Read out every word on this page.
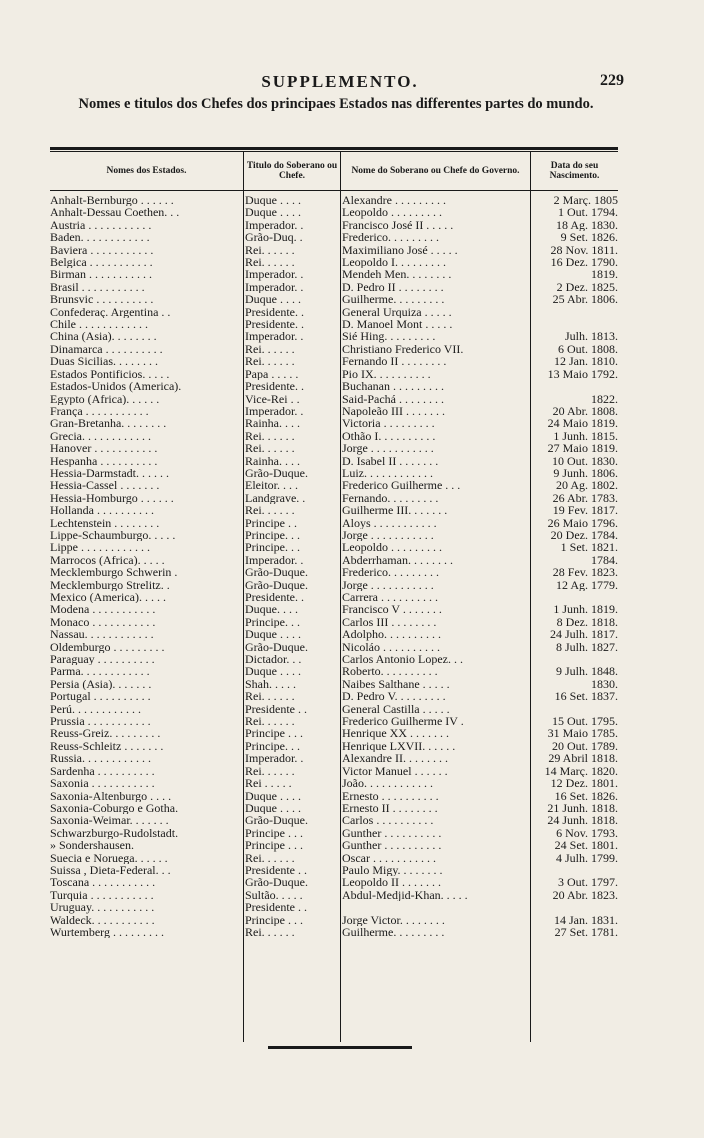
SUPPLEMENTO.	229
Nomes e titulos dos Chefes dos principaes Estados nas differentes partes do mundo.
Nomes dos Estados.
Titulo do Soberano ou Chefe.
Nome do Soberano ou Chefe do Governo.
Data do seu Nascimento.
Anhalt-Bernburgo . . . . . .	Duque . . . .	Alexandre . . . . . . . . .	2 Març. 1805
Anhalt-Dessau Coethen. . .	Duque . . . .	Leopoldo . . . . . . . . .	1 Out. 1794.
Austria . . . . . . . . . . .	Imperador. .	Francisco José II . . . . .	18 Ag. 1830.
Baden. . . . . . . . . . . .	Grão-Duq. .	Frederico. . . . . . . . .	9 Set. 1826.
Baviera . . . . . . . . . . .	Rei. . . . . .	Maximiliano José . . . . .	28 Nov. 1811.
Belgica . . . . . . . . . . .	Rei. . . . . .	Leopoldo I. . . . . . . . .	16 Dez. 1790.
Birman . . . . . . . . . . .	Imperador. .	Mendeh Men. . . . . . . .	1819.
Brasil . . . . . . . . . . .	Imperador. .	D. Pedro II . . . . . . . .	2 Dez. 1825.
Brunsvic . . . . . . . . . .	Duque . . . .	Guilherme. . . . . . . . .	25 Abr. 1806.
Confederaç. Argentina . .	Presidente. .	General Urquiza . . . . .
Chile . . . . . . . . . . . .	Presidente. .	D. Manoel Mont . . . . .
China (Asia). . . . . . . .	Imperador. .	Sié Hing. . . . . . . . .	Julh. 1813.
Dinamarca . . . . . . . . . .	Rei. . . . . .	Christiano Frederico VII.	6 Out. 1808.
Duas Sicilias. . . . . . . .	Rei. . . . . .	Fernando II . . . . . . . .	12 Jan. 1810.
Estados Pontificios. . . . .	Papa . . . . .	Pio IX. . . . . . . . . .	13 Maio 1792.
Estados-Unidos (America).	Presidente. .	Buchanan . . . . . . . . .
Egypto (Africa). . . . . .	Vice-Rei . .	Said-Pachá . . . . . . . .	1822.
França . . . . . . . . . . .	Imperador. .	Napoleão III . . . . . . .	20 Abr. 1808.
Gran-Bretanha. . . . . . . .	Rainha. . . .	Victoria . . . . . . . . .	24 Maio 1819.
Grecia. . . . . . . . . . . .	Rei. . . . . .	Othão I. . . . . . . . . .	1 Junh. 1815.
Hanover . . . . . . . . . . .	Rei. . . . . .	Jorge . . . . . . . . . . .	27 Maio 1819.
Hespanha . . . . . . . . . .	Rainha. . . .	D. Isabel II . . . . . . .	10 Out. 1830.
Hessia-Darmstadt. . . . . .	Grão-Duque.	Luiz. . . . . . . . . . . .	9 Junh. 1806.
Hessia-Cassel . . . . . . .	Eleitor. . . .	Frederico Guilherme . . .	20 Ag. 1802.
Hessia-Homburgo . . . . . .	Landgrave. .	Fernando. . . . . . . . .	26 Abr. 1783.
Hollanda . . . . . . . . . .	Rei. . . . . .	Guilherme III. . . . . . .	19 Fev. 1817.
Lechtenstein . . . . . . . .	Principe . .	Aloys . . . . . . . . . . .	26 Maio 1796.
Lippe-Schaumburgo. . . . .	Principe. . .	Jorge . . . . . . . . . . .	20 Dez. 1784.
Lippe . . . . . . . . . . . .	Principe. . .	Leopoldo . . . . . . . . .	1 Set. 1821.
Marrocos (Africa). . . . .	Imperador. .	Abderrhaman. . . . . . . .	1784.
Mecklemburgo Schwerin .	Grão-Duque.	Frederico. . . . . . . . .	28 Fev. 1823.
Mecklemburgo Strelitz. .	Grão-Duque.	Jorge . . . . . . . . . . .	12 Ag. 1779.
Mexico (America). . . . .	Presidente. .	Carrera . . . . . . . . . .
Modena . . . . . . . . . . .	Duque. . . .	Francisco V . . . . . . .	1 Junh. 1819.
Monaco . . . . . . . . . . .	Principe. . .	Carlos III . . . . . . . .	8 Dez. 1818.
Nassau. . . . . . . . . . . .	Duque . . . .	Adolpho. . . . . . . . . .	24 Julh. 1817.
Oldemburgo . . . . . . . . .	Grão-Duque.	Nicoláo . . . . . . . . . .	8 Julh. 1827.
Paraguay . . . . . . . . . .	Dictador. . .	Carlos Antonio Lopez. . .
Parma. . . . . . . . . . . .	Duque . . . .	Roberto. . . . . . . . . .	9 Julh. 1848.
Persia (Asia). . . . . . .	Shah. . . . .	Naibes Salthane . . . . .	1830.
Portugal . . . . . . . . . .	Rei. . . . . .	D. Pedro V. . . . . . . . .	16 Set. 1837.
Perú. . . . . . . . . . . .	Presidente . .	General Castilla . . . . .
Prussia . . . . . . . . . . .	Rei. . . . . .	Frederico Guilherme IV .	15 Out. 1795.
Reuss-Greiz. . . . . . . . .	Principe . . .	Henrique XX . . . . . . .	31 Maio 1785.
Reuss-Schleitz . . . . . . .	Principe. . .	Henrique LXVII. . . . . .	20 Out. 1789.
Russia. . . . . . . . . . . .	Imperador. .	Alexandre II. . . . . . . .	29 Abril 1818.
Sardenha . . . . . . . . . .	Rei. . . . . .	Victor Manuel . . . . . .	14 Març. 1820.
Saxonia . . . . . . . . . . .	Rei . . . . .	João. . . . . . . . . . . .	12 Dez. 1801.
Saxonia-Altenburgo . . . .	Duque . . . .	Ernesto . . . . . . . . . .	16 Set. 1826.
Saxonia-Coburgo e Gotha.	Duque . . . .	Ernesto II . . . . . . . .	21 Junh. 1818.
Saxonia-Weimar. . . . . . .	Grão-Duque.	Carlos . . . . . . . . . .	24 Junh. 1818.
Schwarzburgo-Rudolstadt.	Principe . . .	Gunther . . . . . . . . . .	6 Nov. 1793.
» Sondershausen.	Principe . . .	Gunther . . . . . . . . . .	24 Set. 1801.
Suecia e Noruega. . . . . .	Rei. . . . . .	Oscar . . . . . . . . . . .	4 Julh. 1799.
Suissa , Dieta-Federal. . .	Presidente . .	Paulo Migy. . . . . . . .
Toscana . . . . . . . . . . .	Grão-Duque.	Leopoldo II . . . . . . .	3 Out. 1797.
Turquia . . . . . . . . . . .	Sultão. . . . .	Abdul-Medjid-Khan. . . . .	20 Abr. 1823.
Uruguay. . . . . . . . . . .	Presidente . .
Waldeck. . . . . . . . . . .	Principe . . .	Jorge Victor. . . . . . . .	14 Jan. 1831.
Wurtemberg . . . . . . . . .	Rei. . . . . .	Guilherme. . . . . . . . .	27 Set. 1781.
